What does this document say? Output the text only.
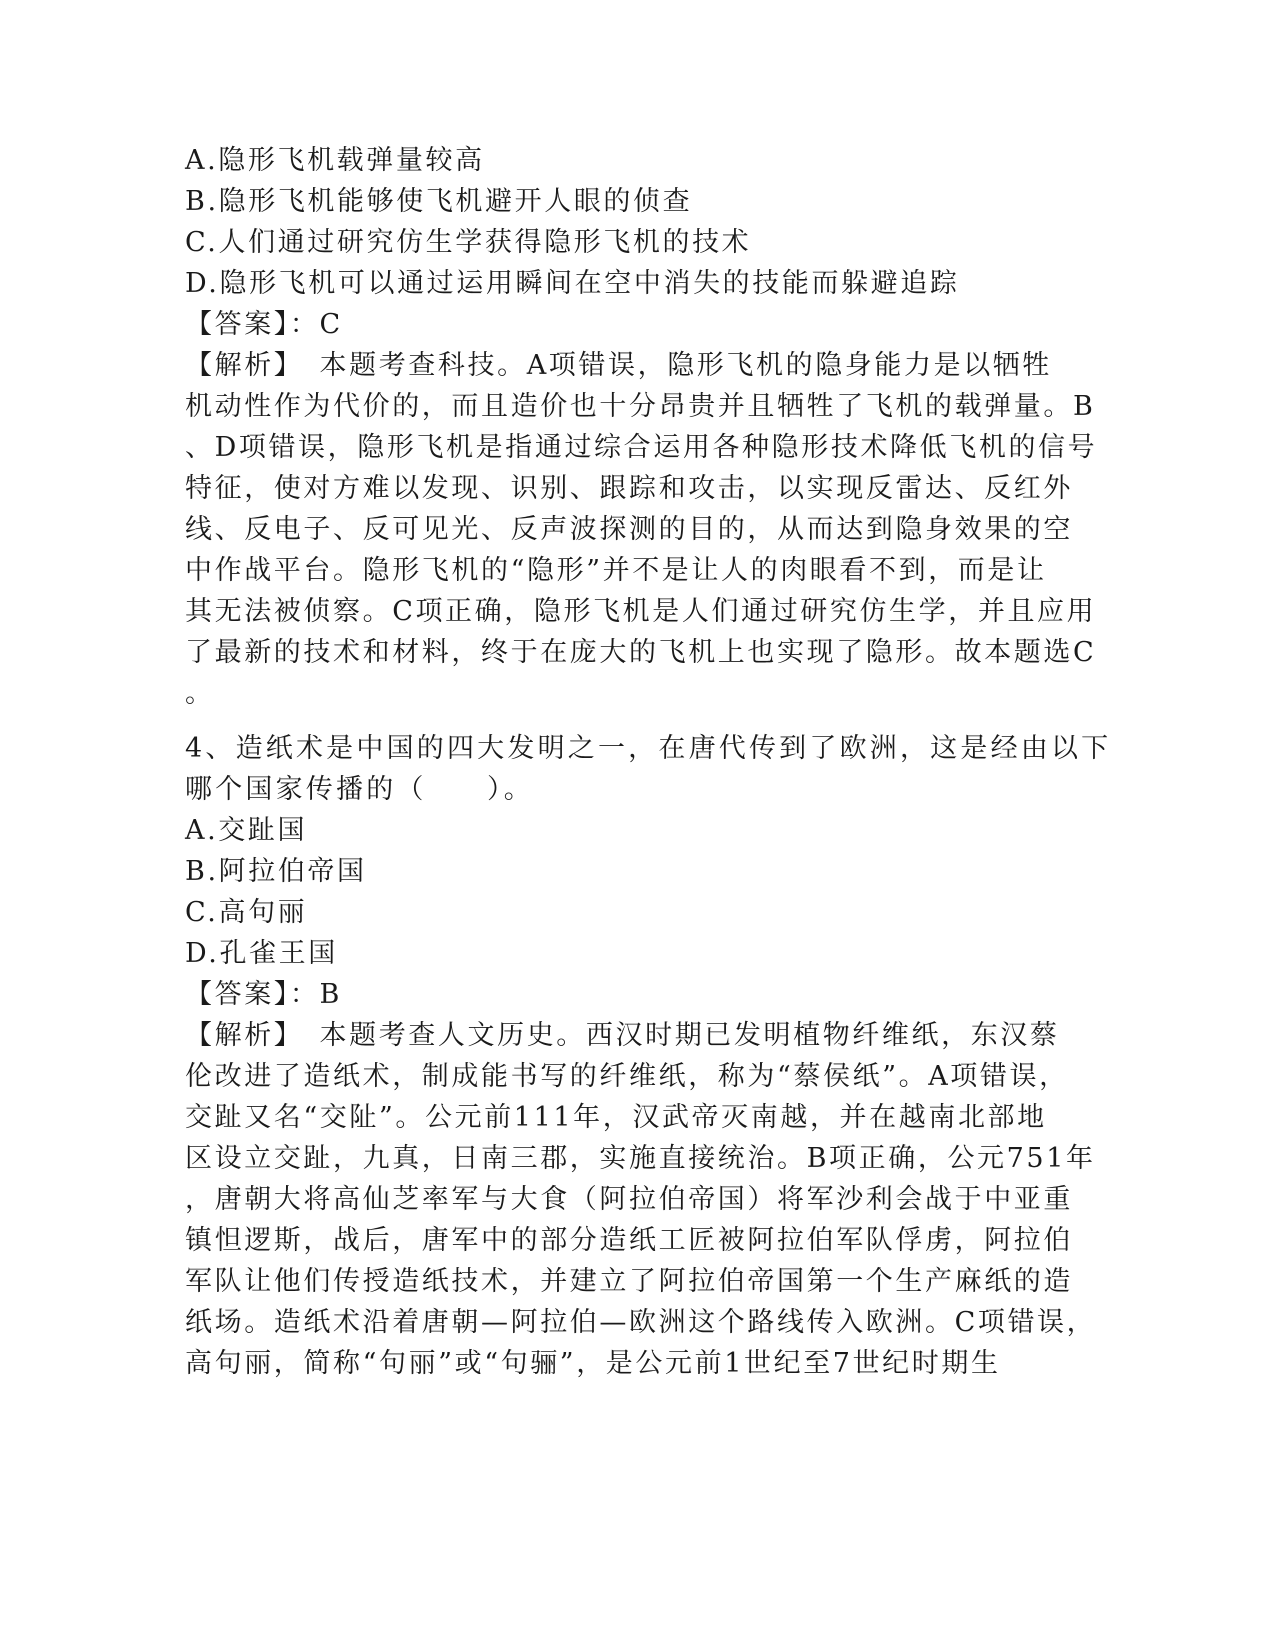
A.隐形飞机载弹量较高
B.隐形飞机能够使飞机避开人眼的侦查
C.人们通过研究仿生学获得隐形飞机的技术
D.隐形飞机可以通过运用瞬间在空中消失的技能而躲避追踪
【答案】：C
【解析】　本题考查科技。A项错误，隐形飞机的隐身能力是以牺牲
机动性作为代价的，而且造价也十分昂贵并且牺牲了飞机的载弹量。B
、D项错误，隐形飞机是指通过综合运用各种隐形技术降低飞机的信号
特征，使对方难以发现、识别、跟踪和攻击，以实现反雷达、反红外
线、反电子、反可见光、反声波探测的目的，从而达到隐身效果的空
中作战平台。隐形飞机的“隐形”并不是让人的肉眼看不到，而是让
其无法被侦察。C项正确，隐形飞机是人们通过研究仿生学，并且应用
了最新的技术和材料，终于在庞大的飞机上也实现了隐形。故本题选C
。
4、造纸术是中国的四大发明之一，在唐代传到了欧洲，这是经由以下
哪个国家传播的（　　）。
A.交趾国
B.阿拉伯帝国
C.高句丽
D.孔雀王国
【答案】：B
【解析】　本题考查人文历史。西汉时期已发明植物纤维纸，东汉蔡
伦改进了造纸术，制成能书写的纤维纸，称为“蔡侯纸”。A项错误，
交趾又名“交阯”。公元前111年，汉武帝灭南越，并在越南北部地
区设立交趾，九真，日南三郡，实施直接统治。B项正确，公元751年
，唐朝大将高仙芝率军与大食（阿拉伯帝国）将军沙利会战于中亚重
镇怛逻斯，战后，唐军中的部分造纸工匠被阿拉伯军队俘虏，阿拉伯
军队让他们传授造纸技术，并建立了阿拉伯帝国第一个生产麻纸的造
纸场。造纸术沿着唐朝—阿拉伯—欧洲这个路线传入欧洲。C项错误，
高句丽，简称“句丽”或“句骊”，是公元前1世纪至7世纪时期生
